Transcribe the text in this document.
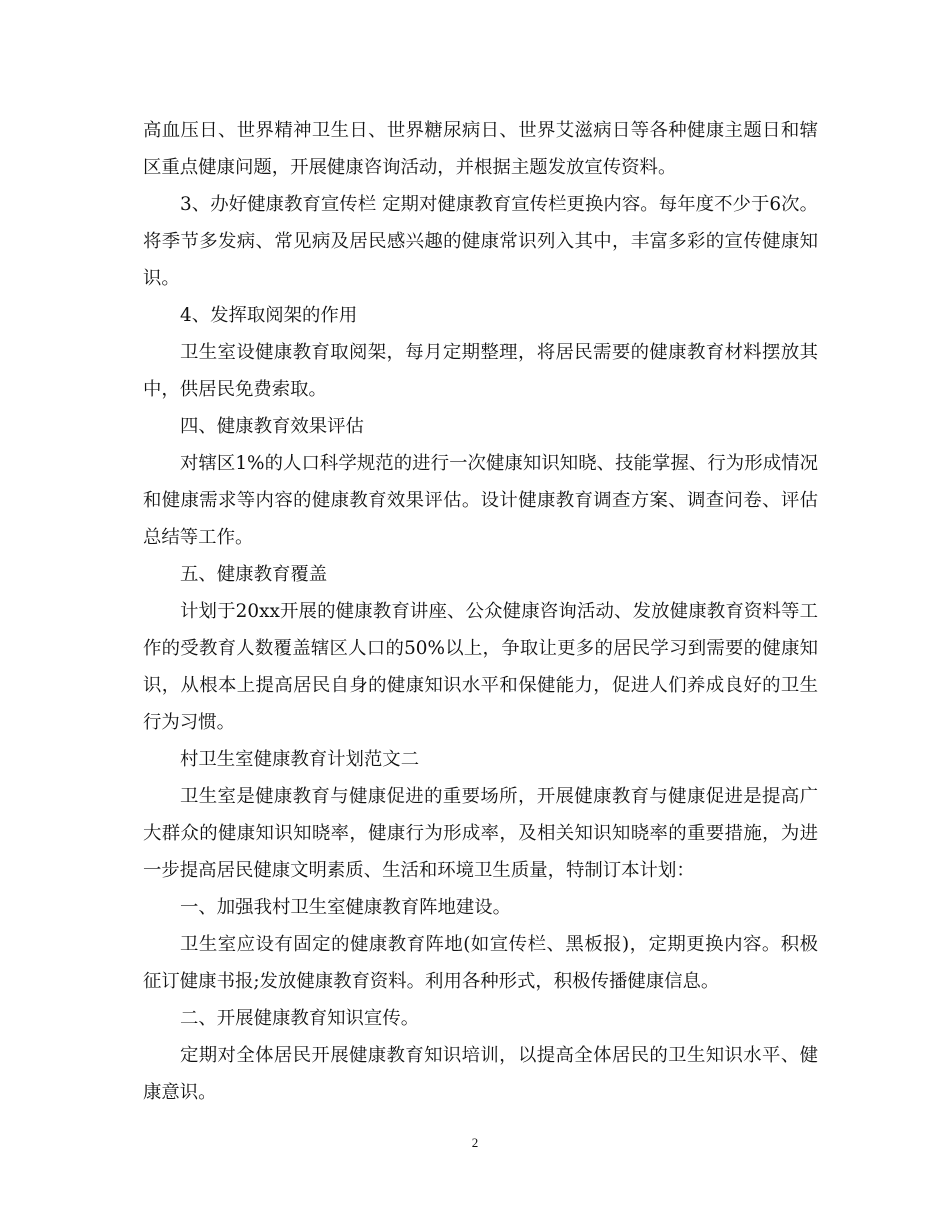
高血压日、世界精神卫生日、世界糖尿病日、世界艾滋病日等各种健康主题日和辖区重点健康问题，开展健康咨询活动，并根据主题发放宣传资料。

3、办好健康教育宣传栏 定期对健康教育宣传栏更换内容。每年度不少于6次。将季节多发病、常见病及居民感兴趣的健康常识列入其中，丰富多彩的宣传健康知识。

4、发挥取阅架的作用

卫生室设健康教育取阅架，每月定期整理，将居民需要的健康教育材料摆放其中，供居民免费索取。

四、健康教育效果评估

对辖区1%的人口科学规范的进行一次健康知识知晓、技能掌握、行为形成情况和健康需求等内容的健康教育效果评估。设计健康教育调查方案、调查问卷、评估总结等工作。

五、健康教育覆盖

计划于20xx开展的健康教育讲座、公众健康咨询活动、发放健康教育资料等工作的受教育人数覆盖辖区人口的50%以上，争取让更多的居民学习到需要的健康知识，从根本上提高居民自身的健康知识水平和保健能力，促进人们养成良好的卫生行为习惯。

村卫生室健康教育计划范文二

卫生室是健康教育与健康促进的重要场所，开展健康教育与健康促进是提高广大群众的健康知识知晓率，健康行为形成率，及相关知识知晓率的重要措施，为进一步提高居民健康文明素质、生活和环境卫生质量，特制订本计划：

一、加强我村卫生室健康教育阵地建设。

卫生室应设有固定的健康教育阵地(如宣传栏、黑板报)，定期更换内容。积极征订健康书报;发放健康教育资料。利用各种形式，积极传播健康信息。

二、开展健康教育知识宣传。

定期对全体居民开展健康教育知识培训，以提高全体居民的卫生知识水平、健康意识。

2
